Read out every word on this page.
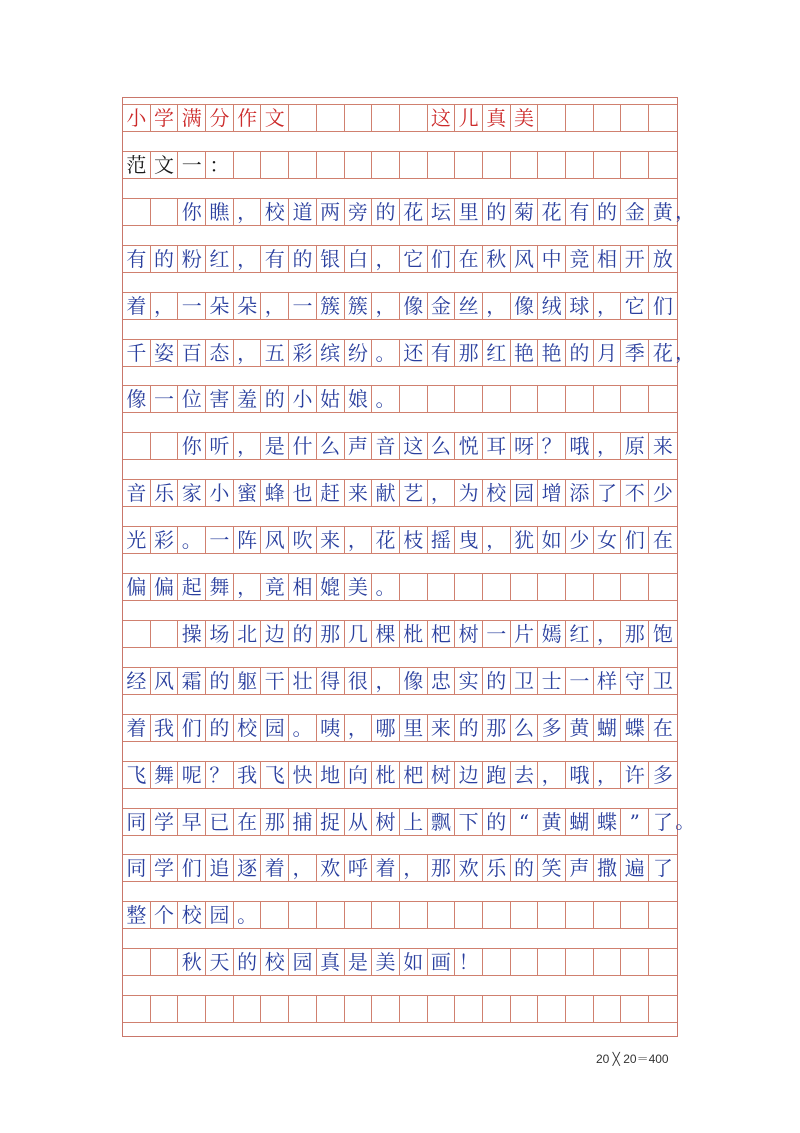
小 学 满 分 作 文	这 儿 真 美
范 文 一 ：
你 瞧 ， 校 道 两 旁 的 花 坛 里 的 菊 花 有 的 金 黄 ，
有 的 粉 红 ， 有 的 银 白 ， 它 们 在 秋 风 中 竞 相 开 放
着 ， 一 朵 朵 ， 一 簇 簇 ， 像 金 丝 ， 像 绒 球 ， 它 们
千 姿 百 态 ， 五 彩 缤 纷 。 还 有 那 红 艳 艳 的 月 季 花 ，
像 一 位 害 羞 的 小 姑 娘 。
你 听 ， 是 什 么 声 音 这 么 悦 耳 呀 ？ 哦 ， 原 来
音 乐 家 小 蜜 蜂 也 赶 来 献 艺 ， 为 校 园 增 添 了 不 少
光 彩 。 一 阵 风 吹 来 ， 花 枝 摇 曳 ， 犹 如 少 女 们 在
偏 偏 起 舞 ， 竟 相 媲 美 。
操 场 北 边 的 那 几 棵 枇 杷 树 一 片 嫣 红 ， 那 饱
经 风 霜 的 躯 干 壮 得 很 ， 像 忠 实 的 卫 士 一 样 守 卫
着 我 们 的 校 园 。 咦 ， 哪 里 来 的 那 么 多 黄 蝴 蝶 在
飞 舞 呢 ？ 我 飞 快 地 向 枇 杷 树 边 跑 去 ， 哦 ， 许 多
同 学 早 已 在 那 捕 捉 从 树 上 飘 下 的 “ 黄 蝴 蝶 ” 了 。
同 学 们 追 逐 着 ， 欢 呼 着 ， 那 欢 乐 的 笑 声 撒 遍 了
整 个 校 园 。
秋 天 的 校 园 真 是 美 如 画 ！
20 ╳ 20＝400
